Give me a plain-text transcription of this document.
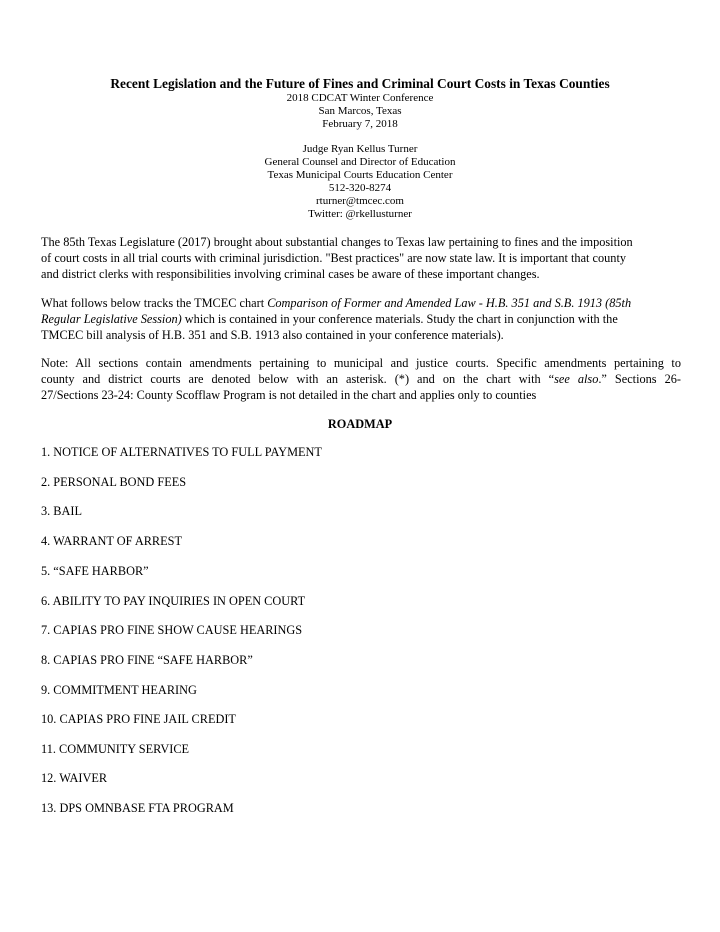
Recent Legislation and the Future of Fines and Criminal Court Costs in Texas Counties
2018 CDCAT Winter Conference
San Marcos, Texas
February 7, 2018
Judge Ryan Kellus Turner
General Counsel and Director of Education
Texas Municipal Courts Education Center
512-320-8274
rturner@tmcec.com
Twitter: @rkellusturner
The 85th Texas Legislature (2017) brought about substantial changes to Texas law pertaining to fines and the imposition
of court costs in all trial courts with criminal jurisdiction. "Best practices" are now state law. It is important that county
and district clerks with responsibilities involving criminal cases be aware of these important changes.
What follows below tracks the TMCEC chart Comparison of Former and Amended Law - H.B. 351 and S.B. 1913 (85th
Regular Legislative Session) which is contained in your conference materials. Study the chart in conjunction with the
TMCEC bill analysis of H.B. 351 and S.B. 1913 also contained in your conference materials).
Note: All sections contain amendments pertaining to municipal and justice courts. Specific amendments pertaining to
county and district courts are denoted below with an asterisk. (*) and on the chart with “see also.” Sections 26-
27/Sections 23-24: County Scofflaw Program is not detailed in the chart and applies only to counties
ROADMAP
1. NOTICE OF ALTERNATIVES TO FULL PAYMENT
2. PERSONAL BOND FEES
3. BAIL
4. WARRANT OF ARREST
5. “SAFE HARBOR”
6. ABILITY TO PAY INQUIRIES IN OPEN COURT
7. CAPIAS PRO FINE SHOW CAUSE HEARINGS
8. CAPIAS PRO FINE “SAFE HARBOR”
9. COMMITMENT HEARING
10. CAPIAS PRO FINE JAIL CREDIT
11. COMMUNITY SERVICE
12. WAIVER
13. DPS OMNBASE FTA PROGRAM
